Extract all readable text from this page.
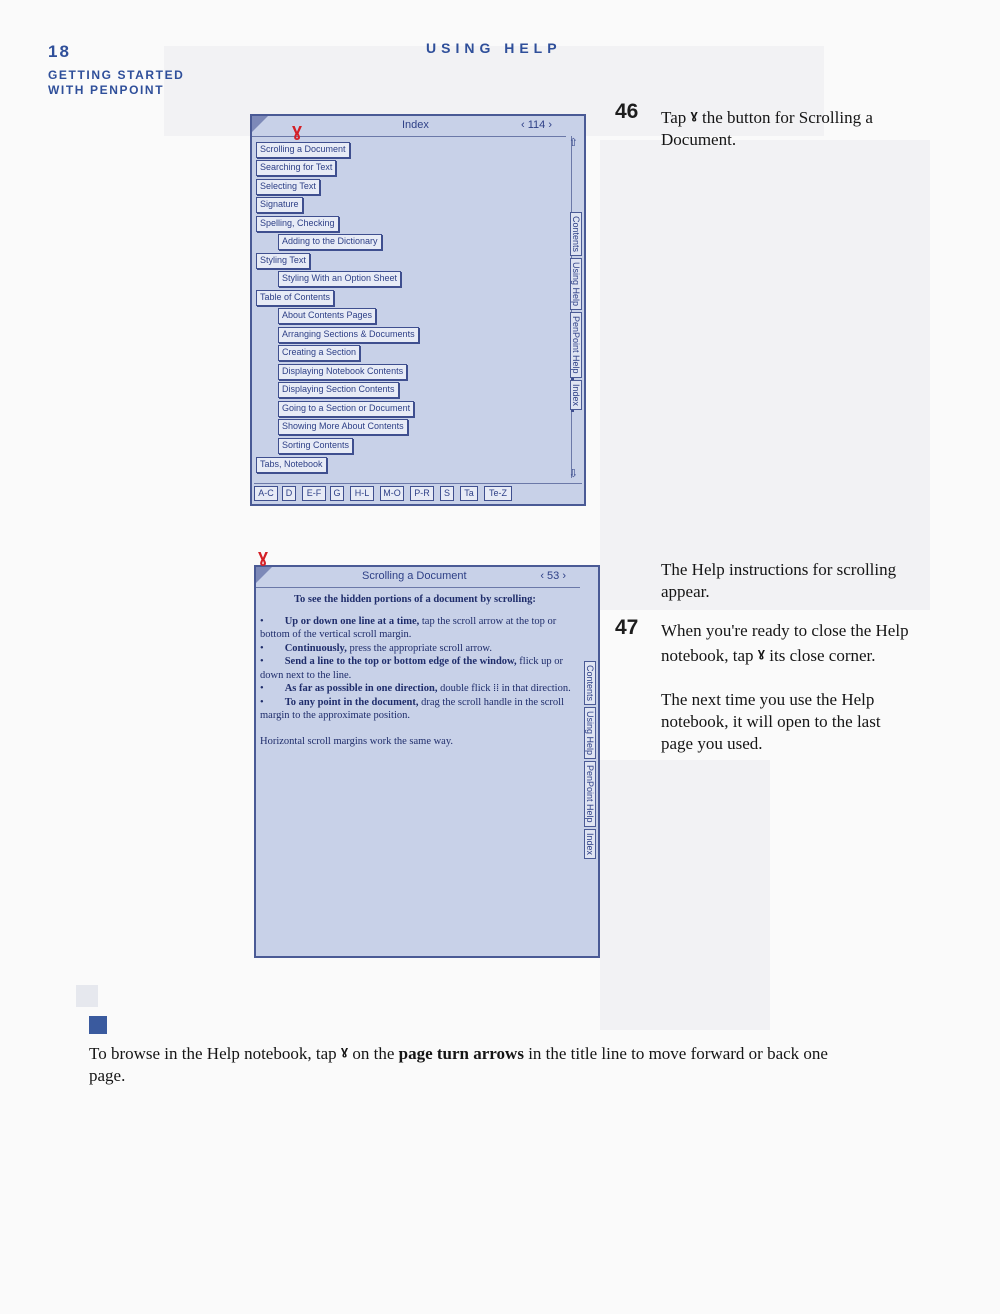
18
GETTING STARTED
WITH PENPOINT
USING HELP
Index	‹ 114 ›
⇧
⇩
Contents
Using Help
PenPoint Help
Index
Scrolling a Document
Searching for Text
Selecting Text
Signature
Spelling, Checking
Adding to the Dictionary
Styling Text
Styling With an Option Sheet
Table of Contents
About Contents Pages
Arranging Sections & Documents
Creating a Section
Displaying Notebook Contents
Displaying Section Contents
Going to a Section or Document
Showing More About Contents
Sorting Contents
Tabs, Notebook
A-C	D	E-F	G	H-L	M-O	P-R	S	Ta	Te-Z
ɣ
Scrolling a Document	‹ 53 ›
Contents
Using Help
PenPoint Help
Index

To see the hidden portions of a document by scrolling:

•        Up or down one line at a time, tap the scroll arrow at the top or bottom of the vertical scroll margin.
•        Continuously, press the appropriate scroll arrow.
•        Send a line to the top or bottom edge of the window, flick up or down next to the line.
•        As far as possible in one direction, double flick ⁞⁞ in that direction.
•        To any point in the document, drag the scroll handle in the scroll margin to the approximate position.

Horizontal scroll margins work the same way.

ɣ
46 Tap $^ɣ$ the button for Scrolling a Document.
The Help instructions for scrolling appear.
47 When you're ready to close the Help notebook, tap $^ɣ$ its close corner.
The next time you use the Help notebook, it will open to the last page you used.
To browse in the Help notebook, tap $^ɣ$ on the page turn arrows in the title line to move forward or back one page.
